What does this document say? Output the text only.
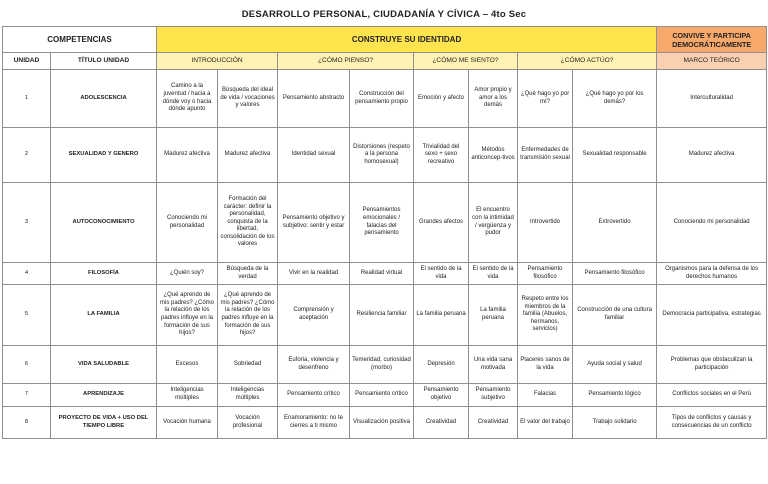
DESARROLLO PERSONAL, CIUDADANÍA Y CÍVICA – 4to Sec
COMPETENCIAS		CONSTRUYE SU IDENTIDAD								CONVIVE Y PARTICIPA DEMOCRÁTICAMENTE
UNIDAD	TÍTULO UNIDAD	INTRODUCCIÓN		¿CÓMO PIENSO?		¿CÓMO ME SIENTO?		¿CÓMO ACTÚO?		MARCO TEÓRICO
1	ADOLESCENCIA	Camino a la juventud / hacia a dónde voy o hacia dónde apunto	Búsqueda del ideal de vida / vocaciones y valores	Pensamiento abstracto	Construcción del pensamiento propio	Emoción y afecto	Amor propio y amor a los demás	¿Qué hago yo por mí?	¿Qué hago yo por los demás?	Interculturalidad
2	SEXUALIDAD Y GENERO	Madurez afectiva	Madurez afectiva	Identidad sexual	Distorsiones (respeto a la persona homosexual)	Trivialidad del sexo + sexo recreativo	Métodos anticoncep-tivos	Enfermedades de transmisión sexual	Sexualidad responsable	Madurez afectiva
3	AUTOCONOCIMIENTO	Conociendo mi personalidad	Formación del carácter: definir la personalidad, conquista de la libertad, consolidación de los valores	Pensamiento objetivo y subjetivo: sentir y estar	Pensamientos emocionales / falacias del pensamiento	Grandes afectos	El encuentro con la intimidad / vergüenza y pudor	Introvertido	Extrovertido	Conociendo mi personalidad
4	FILOSOFÍA	¿Quién soy?	Búsqueda de la verdad	Vivir en la realidad	Realidad virtual	El sentido de la vida	El sentido de la vida	Pensamiento filosófico	Pensamiento filosófico	Organismos para la defensa de los derechos humanos
5	LA FAMILIA	¿Qué aprendo de mis padres? ¿Cómo la relación de los padres influye en la formación de sus hijos?	¿Qué aprendo de mis padres? ¿Cómo la relación de los padres influye en la formación de sus hijos?	Comprensión y aceptación	Resiliencia familiar	La familia peruana	La familia peruana	Respeto entre los miembros de la familia (Abuelos, hermanos, servicios)	Construcción de una cultura familiar	Democracia participativa, estrategias
6	VIDA SALUDABLE	Excesos	Sobriedad	Euforia, violencia y desenfreno	Temeridad, curiosidad (morbo)	Depresión	Una vida sana motivada	Placeres sanos de la vida	Ayuda social y salud	Problemas que obstaculizan la participación
7	APRENDIZAJE	Inteligencias múltiples	Inteligencias múltiples	Pensamiento crítico	Pensamiento crítico	Pensamiento objetivo	Pensamiento subjetivo	Falacias	Pensamiento lógico	Conflictos sociales en el Perú
8	PROYECTO DE VIDA + USO DEL TIEMPO LIBRE	Vocación humana	Vocación profesional	Enamoramiento: no te cierres a ti mismo	Visualización positiva	Creatividad	Creatividad	El valor del trabajo	Trabajo solidario	Tipos de conflictos y causas y consecuencias de un conflicto
